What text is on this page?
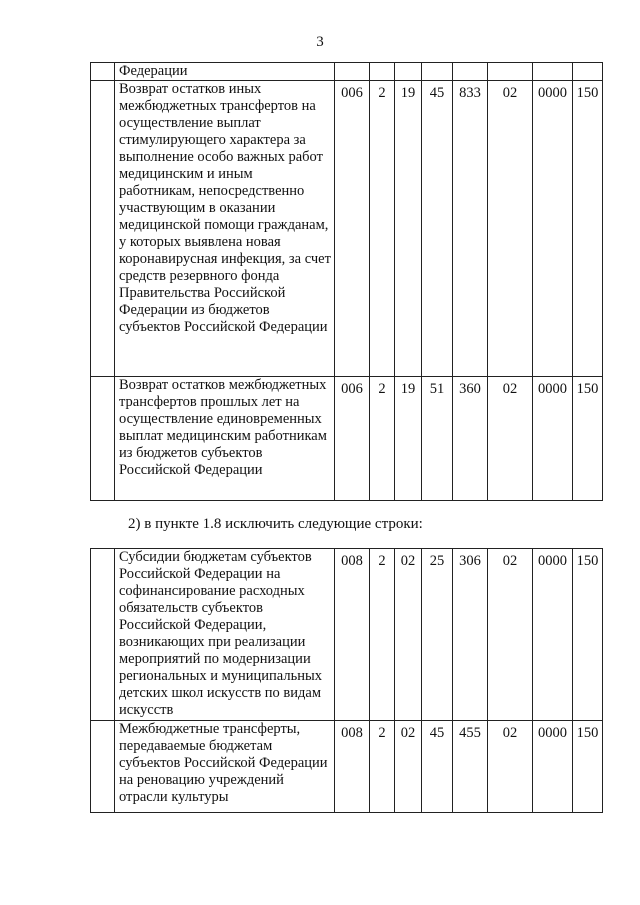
3
	Федерации								
	Возврат остатков иных межбюджетных трансфертов на осуществление выплат стимулирующего характера за выполнение особо важных работ медицинским и иным работникам, непосредственно участвующим в оказании медицинской помощи гражданам, у которых выявлена новая коронавирусная инфекция, за счет средств резервного фонда Правительства Российской Федерации из бюджетов субъектов Российской Федерации	006	2	19	45	833	02	0000	150
	Возврат остатков межбюджетных трансфертов прошлых лет на осуществление единовременных выплат медицинским работникам из бюджетов субъектов Российской Федерации	006	2	19	51	360	02	0000	150
2) в пункте 1.8 исключить следующие строки:
	Субсидии бюджетам субъектов Российской Федерации на софинансирование расходных обязательств субъектов Российской Федерации, возникающих при реализации мероприятий по модернизации региональных и муниципальных детских школ искусств по видам искусств	008	2	02	25	306	02	0000	150
	Межбюджетные трансферты, передаваемые бюджетам субъектов Российской Федерации на реновацию учреждений отрасли культуры	008	2	02	45	455	02	0000	150
